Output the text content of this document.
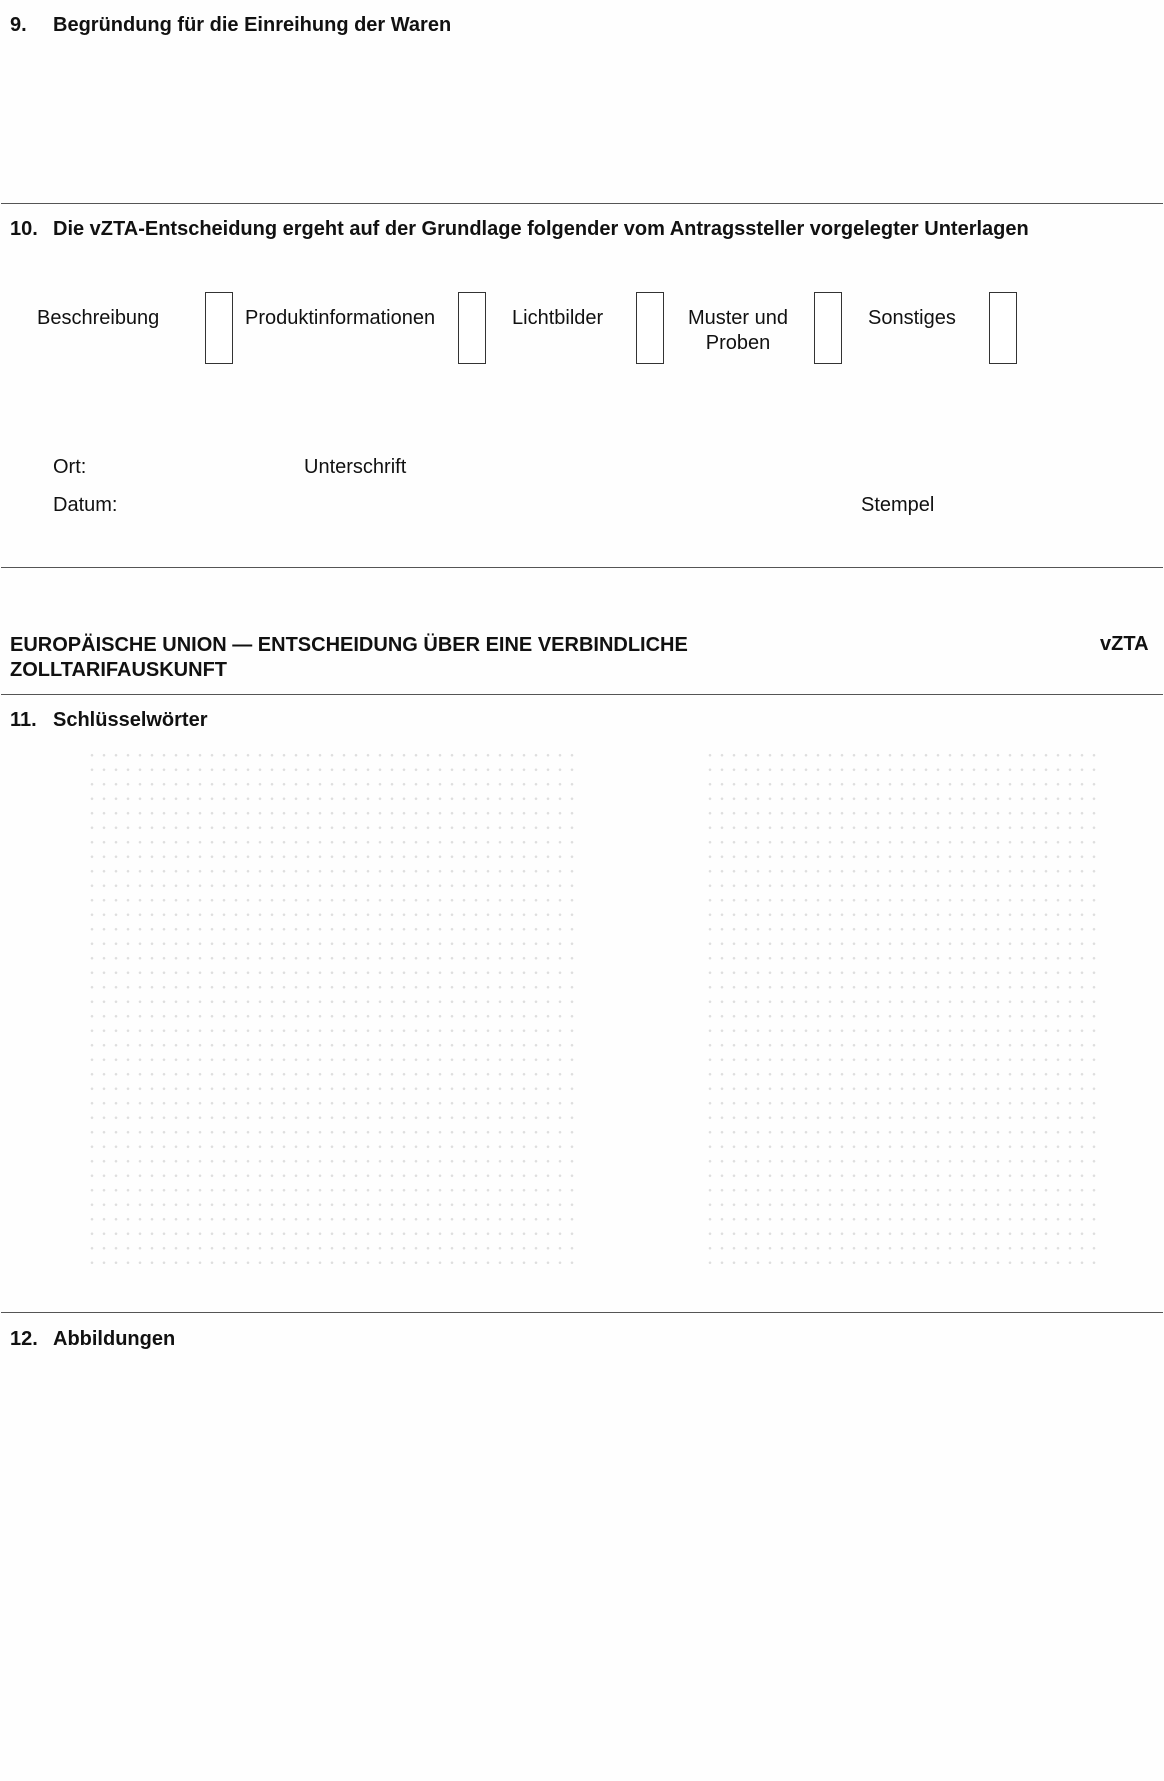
9. Begründung für die Einreihung der Waren
10. Die vZTA-Entscheidung ergeht auf der Grundlage folgender vom Antragssteller vorgelegter Unterlagen
Beschreibung	Produktinformationen	Lichtbilder	Muster und
Proben
Sonstiges
Ort:	Unterschrift
Datum:	Stempel
EUROPÄISCHE UNION — ENTSCHEIDUNG ÜBER EINE VERBINDLICHE
ZOLLTARIFAUSKUNFT
vZTA
11. Schlüsselwörter
12. Abbildungen
